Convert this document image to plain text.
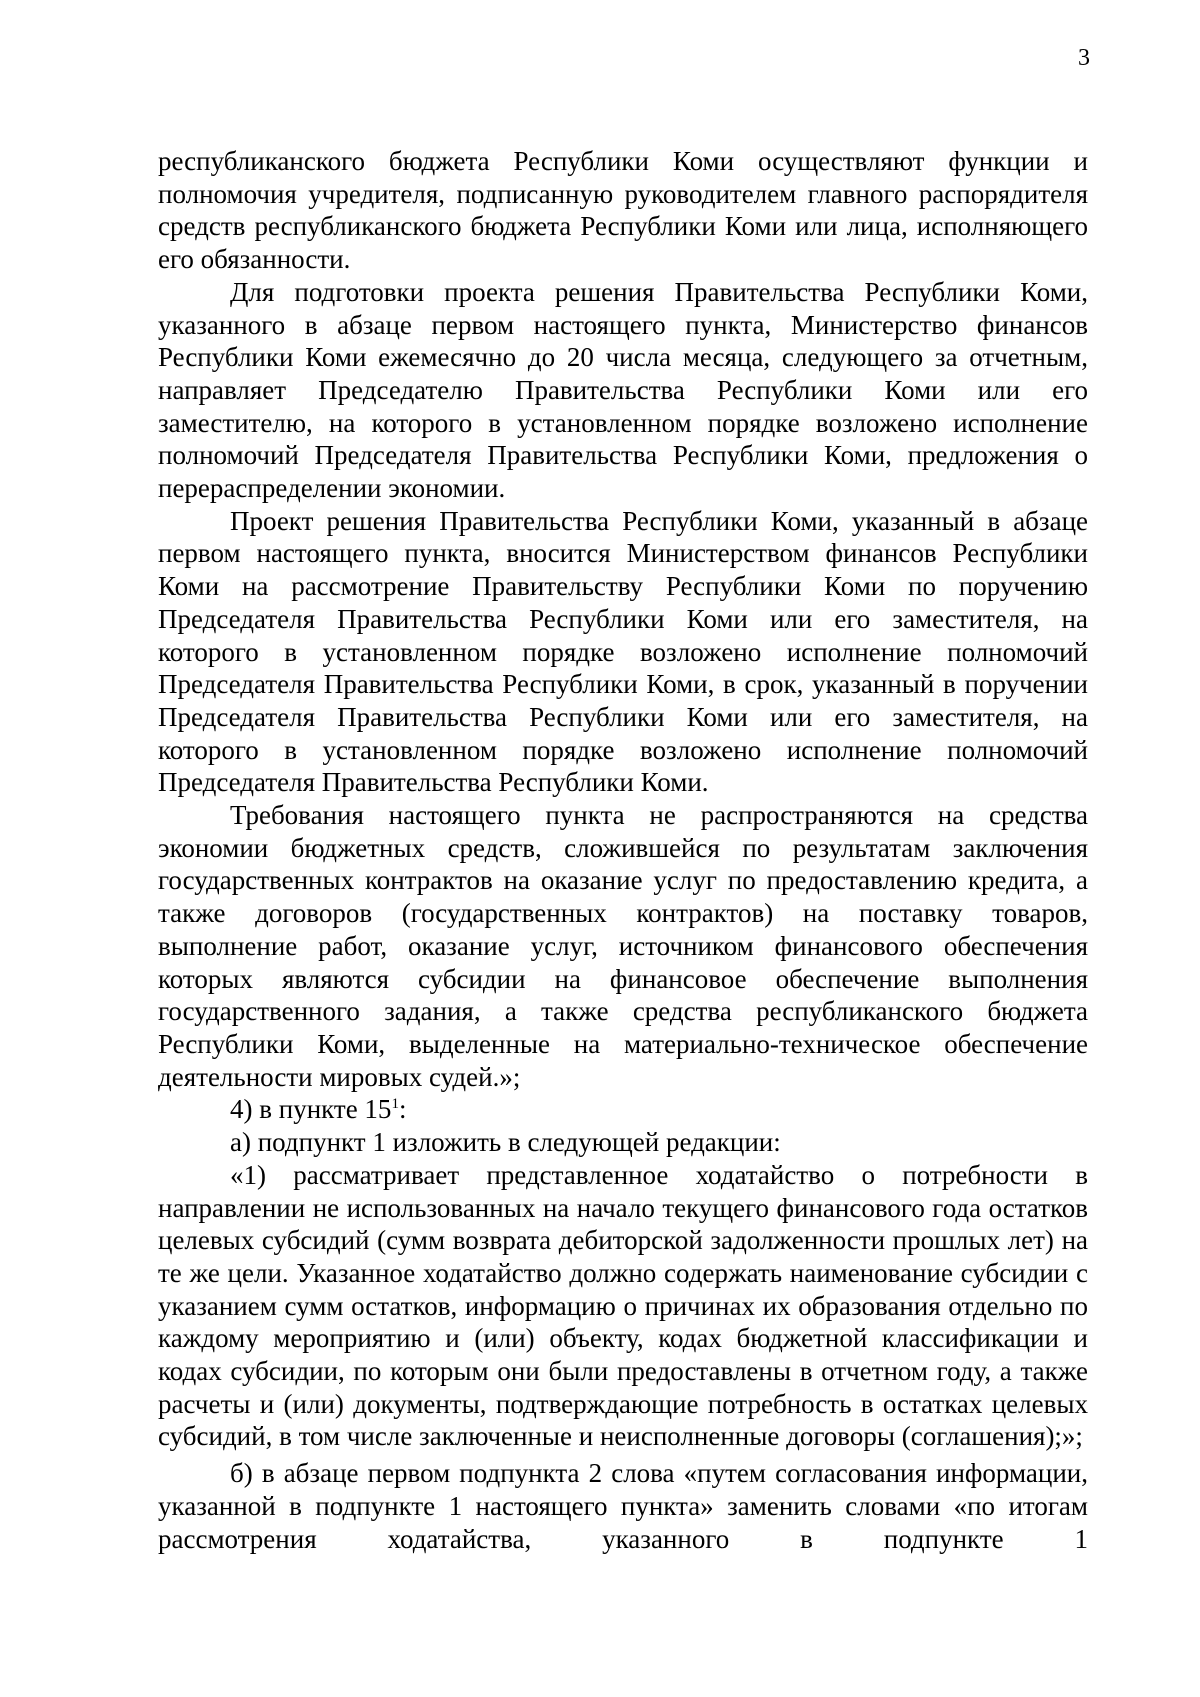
3

республиканского бюджета Республики Коми осуществляют функции и полномочия учредителя, подписанную руководителем главного распорядителя средств республиканского бюджета Республики Коми или лица, исполняющего его обязанности.

Для подготовки проекта решения Правительства Республики Коми, указанного в абзаце первом настоящего пункта, Министерство финансов Республики Коми ежемесячно до 20 числа месяца, следующего за отчетным, направляет Председателю Правительства Республики Коми или его заместителю, на которого в установленном порядке возложено исполнение полномочий Председателя Правительства Республики Коми, предложения о перераспределении экономии.

Проект решения Правительства Республики Коми, указанный в абзаце первом настоящего пункта, вносится Министерством финансов Республики Коми на рассмотрение Правительству Республики Коми по поручению Председателя Правительства Республики Коми или его заместителя, на которого в установленном порядке возложено исполнение полномочий Председателя Правительства Республики Коми, в срок, указанный в поручении Председателя Правительства Республики Коми или его заместителя, на которого в установленном порядке возложено исполнение полномочий Председателя Правительства Республики Коми.

Требования настоящего пункта не распространяются на средства экономии бюджетных средств, сложившейся по результатам заключения государственных контрактов на оказание услуг по предоставлению кредита, а также договоров (государственных контрактов) на поставку товаров, выполнение работ, оказание услуг, источником финансового обеспечения которых являются субсидии на финансовое обеспечение выполнения государственного задания, а также средства республиканского бюджета Республики Коми, выделенные на материально-техническое обеспечение деятельности мировых судей.»;

4) в пункте $15^1$:

а) подпункт 1 изложить в следующей редакции:

«1) рассматривает представленное ходатайство о потребности в направлении не использованных на начало текущего финансового года остатков целевых субсидий (сумм возврата дебиторской задолженности прошлых лет) на те же цели. Указанное ходатайство должно содержать наименование субсидии с указанием сумм остатков, информацию о причинах их образования отдельно по каждому мероприятию и (или) объекту, кодах бюджетной классификации и кодах субсидии, по которым они были предоставлены в отчетном году, а также расчеты и (или) документы, подтверждающие потребность в остатках целевых субсидий, в том числе заключенные и неисполненные договоры (соглашения);»;

б) в абзаце первом подпункта 2 слова «путем согласования информации, указанной в подпункте 1 настоящего пункта» заменить словами «по итогам рассмотрения ходатайства, указанного в подпункте 1
